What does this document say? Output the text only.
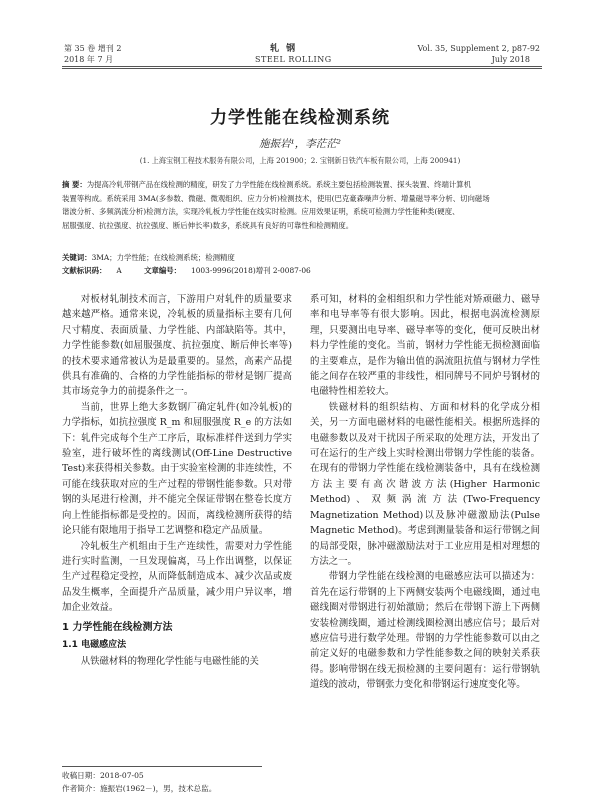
第 35 卷 增刊 2
2018 年 7 月
轧 钢
STEEL ROLLING
Vol. 35, Supplement 2, p87-92
July 2018
力学性能在线检测系统
施振岩¹，李茫茫²
(1. 上海宝钢工程技术服务有限公司，上海 201900；2. 宝钢新日铁汽车板有限公司，上海 200941)
摘 要：为提高冷轧带钢产品在线检测的精度，研发了力学性能在线检测系统。系统主要包括检测装置、探头装置、终端计算机
装置等构成。系统采用 3MA(多参数、微磁、微观组织、应力分析)检测技术，使用(巴克豪森噪声分析、增量磁导率分析、切向磁场
谐波分析、多频涡流分析)检测方法，实现冷轧板力学性能在线实时检测。应用效果证明，系统可检测力学性能种类(硬度、
屈服强度、抗拉强度、抗拉强度、断后伸长率)数多，系统具有良好的可靠性和检测精度。
关键词：3MA；力学性能；在线检测系统；检测精度
文献标识码： A	文章编号： 1003-9996(2018)增刊 2-0087-06

对板材轧制技术而言，下游用户对轧件的质量要求越来越严格。通常来说，冷轧板的质量指标主要有几何尺寸精度、表面质量、力学性能、内部缺陷等。其中，力学性能参数(如屈服强度、抗拉强度、断后伸长率等)的技术要求通常被认为是最重要的。显然，高素产品提供具有准确的、合格的力学性能指标的带材是钢厂提高其市场竞争力的前提条件之一。

当前，世界上绝大多数钢厂确定轧件(如冷轧板)的力学指标，如抗拉强度 R_m 和屈服强度 R_e 的方法如下：轧件完成每个生产工序后，取标准样件送到力学实验室，进行破坏性的离线测试(Off-Line Destructive Test)来获得相关参数。由于实验室检测的非连续性，不可能在线获取对应的生产过程的带钢性能参数。只对带钢的头尾进行检测，并不能完全保证带钢在整卷长度方向上性能指标都是受控的。因而，离线检测所获得的结论只能有限地用于指导工艺调整和稳定产品质量。

冷轧板生产机组由于生产连续性，需要对力学性能进行实时监测，一旦发现偏离，马上作出调整，以保证生产过程稳定受控，从而降低制造成本、减少次品或废品发生概率，全面提升产品质量，减少用户异议率，增加企业效益。

1 力学性能在线检测方法
1.1 电磁感应法

从铁磁材料的物理化学性能与电磁性能的关

系可知，材料的金相组织和力学性能对矫顽磁力、磁导率和电导率等有很大影响。因此，根据电涡流检测原理，只要测出电导率、磁导率等的变化，便可反映出材料力学性能的变化。当前，钢材力学性能无损检测面临的主要难点，是作为输出值的涡流阻抗值与钢材力学性能之间存在较严重的非线性，相同牌号不同炉号钢材的电磁特性相差较大。

铁磁材料的组织结构、方面和材料的化学成分相关，另一方面电磁材料的电磁性能相关。根据所选择的电磁参数以及对干扰因子所采取的处理方法，开发出了可在运行的生产线上实时检测出带钢力学性能的装备。在现有的带钢力学性能在线检测装备中，具有在线检测方法主要有高次谐波方法(Higher Harmonic Method)、双频涡流方法(Two-Frequency Magnetization Method)以及脉冲磁激励法(Pulse Magnetic Method)。考虑到测量装备和运行带钢之间的局部受限，脉冲磁激励法对于工业应用是相对理想的方法之一。

带钢力学性能在线检测的电磁感应法可以描述为：首先在运行带钢的上下两侧安装两个电磁线圈，通过电磁线圈对带钢进行初始激励；然后在带钢下游上下两侧安装检测线圈，通过检测线圈检测出感应信号；最后对感应信号进行数学处理。带钢的力学性能参数可以由之前定义好的电磁参数和力学性能参数之间的映射关系获得。影响带钢在线无损检测的主要问题有：运行带钢轨道线的波动，带钢张力变化和带钢运行速度变化等。

收稿日期：2018-07-05
作者简介：施振岩(1962－)，男，技术总监。
